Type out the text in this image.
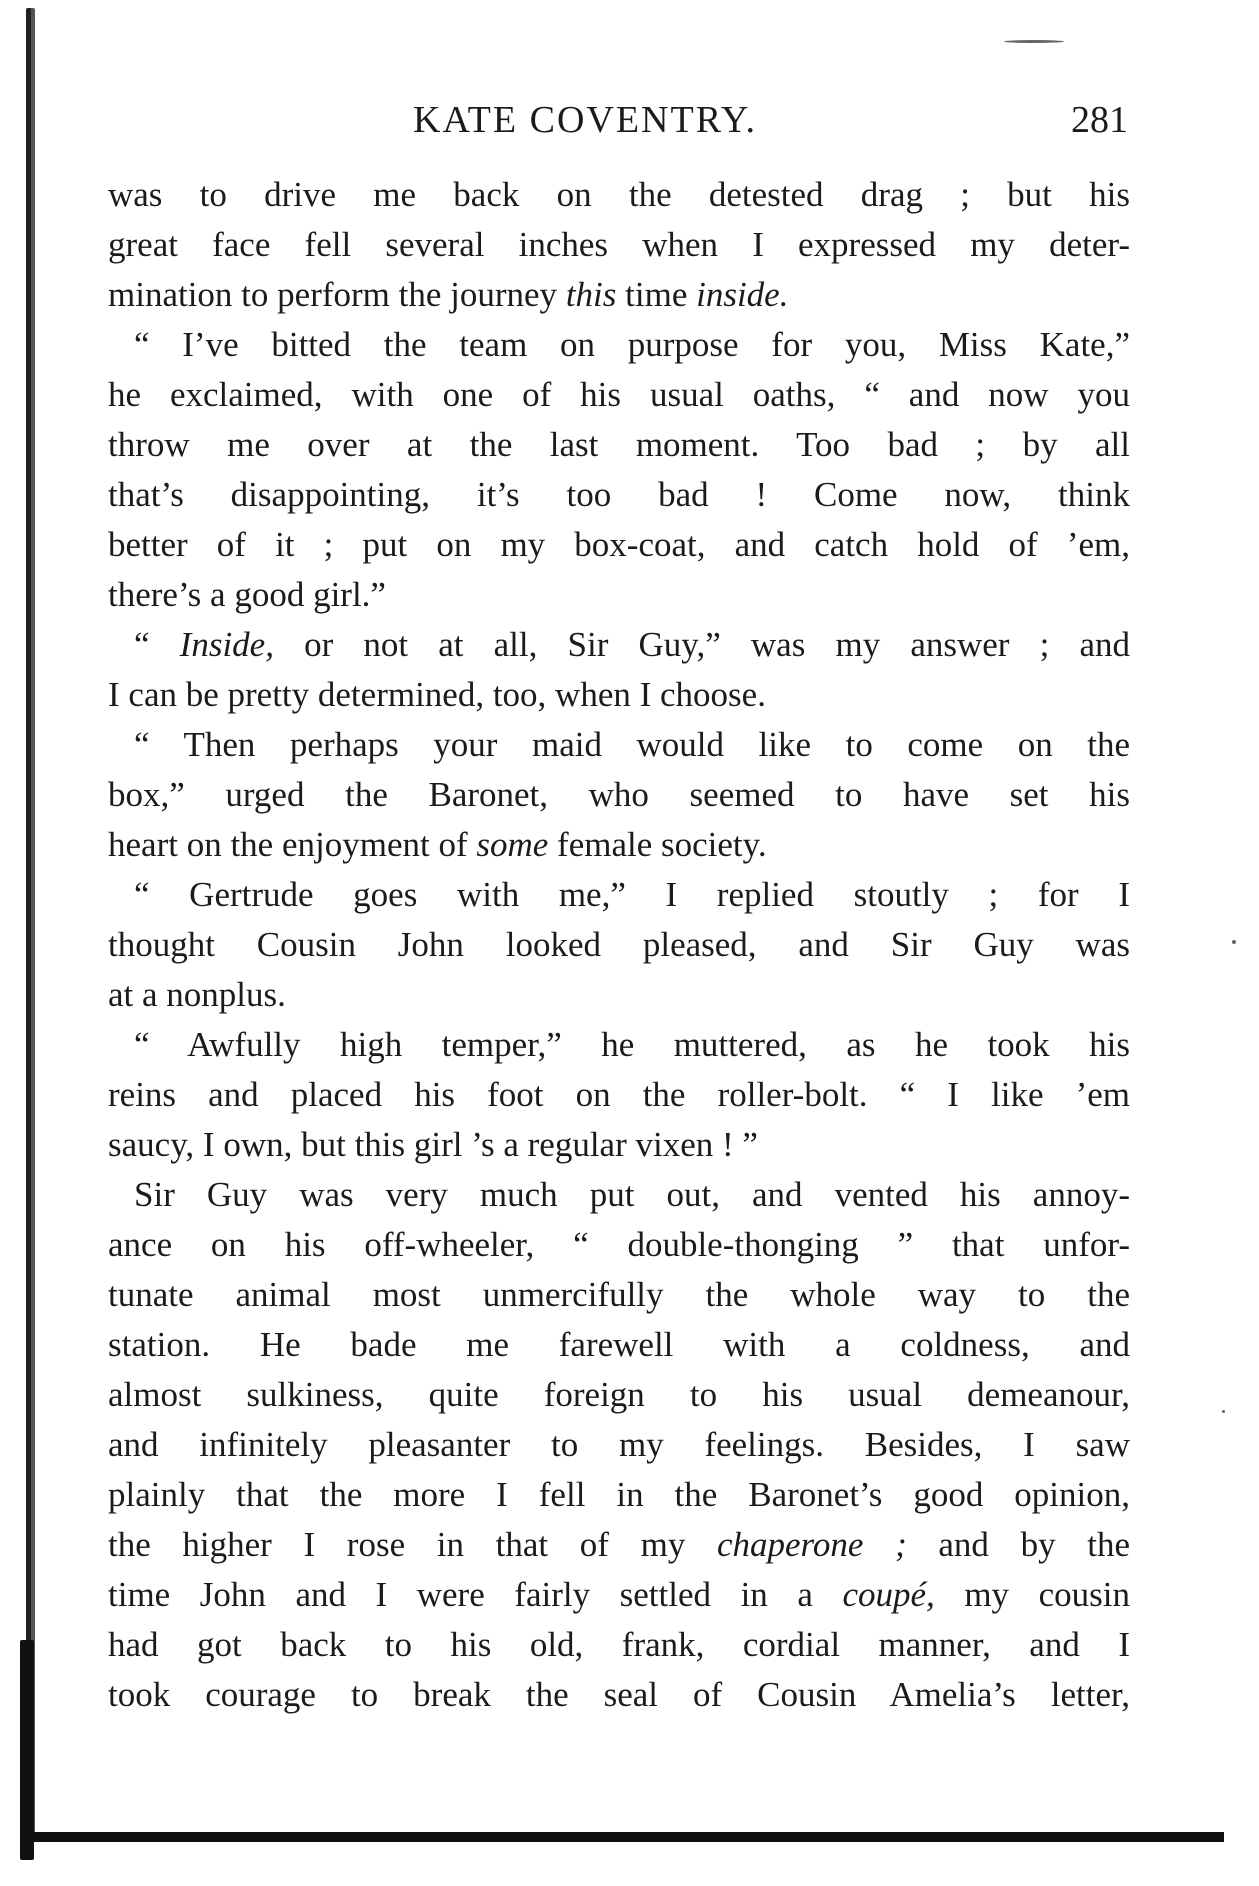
KATE COVENTRY.	281
was to drive me back on the detested drag ; but his
great face fell several inches when I expressed my deter-
mination to perform the journey this time inside.
“ I’ve bitted the team on purpose for you, Miss Kate,”
he exclaimed, with one of his usual oaths, “ and now you
throw me over at the last moment. Too bad ; by all
that’s disappointing, it’s too bad ! Come now, think
better of it ; put on my box-coat, and catch hold of ’em,
there’s a good girl.”
“ Inside, or not at all, Sir Guy,” was my answer ; and
I can be pretty determined, too, when I choose.
“ Then perhaps your maid would like to come on the
box,” urged the Baronet, who seemed to have set his
heart on the enjoyment of some female society.
“ Gertrude goes with me,” I replied stoutly ; for I
thought Cousin John looked pleased, and Sir Guy was
at a nonplus.
“ Awfully high temper,” he muttered, as he took his
reins and placed his foot on the roller-bolt. “ I like ’em
saucy, I own, but this girl ’s a regular vixen ! ”
Sir Guy was very much put out, and vented his annoy-
ance on his off-wheeler, “ double-thonging ” that unfor-
tunate animal most unmercifully the whole way to the
station. He bade me farewell with a coldness, and
almost sulkiness, quite foreign to his usual demeanour,
and infinitely pleasanter to my feelings. Besides, I saw
plainly that the more I fell in the Baronet’s good opinion,
the higher I rose in that of my chaperone ; and by the
time John and I were fairly settled in a coupé, my cousin
had got back to his old, frank, cordial manner, and I
took courage to break the seal of Cousin Amelia’s letter,
